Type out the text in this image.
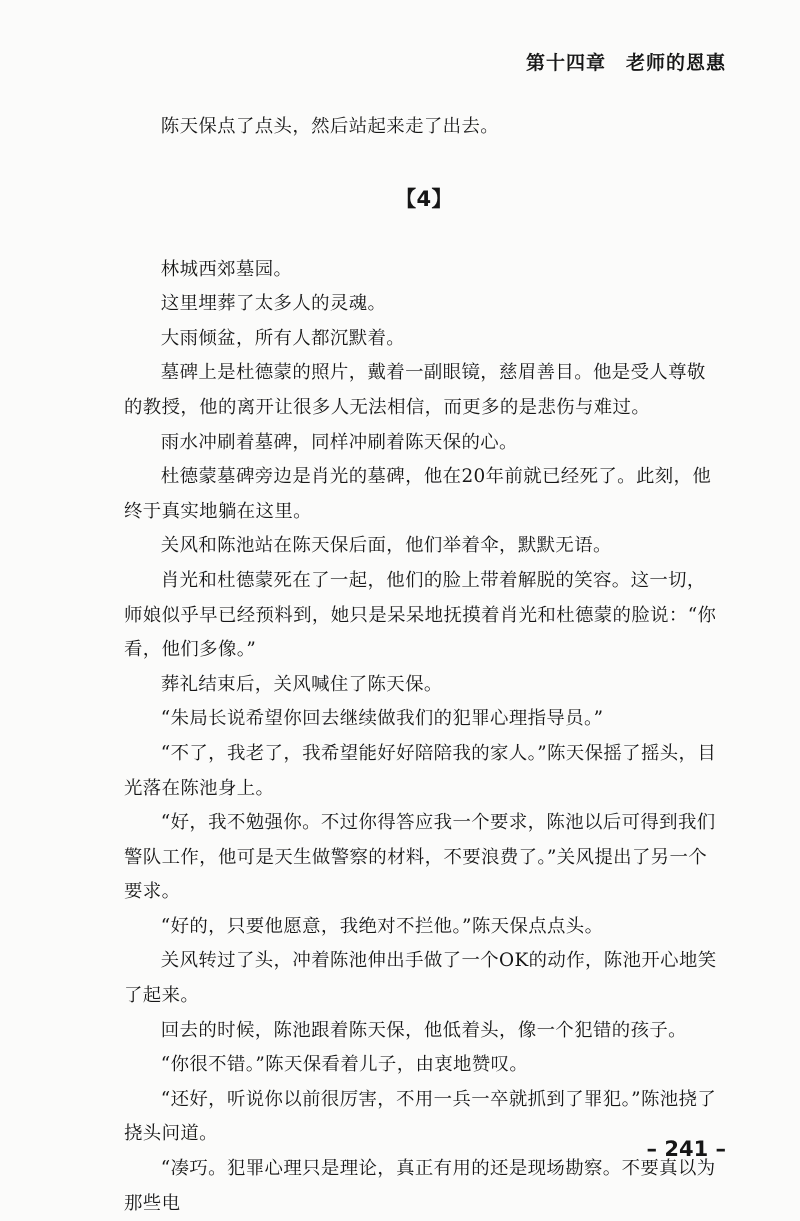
第十四章　老师的恩惠

陈天保点了点头，然后站起来走了出去。

【4】

林城西郊墓园。

这里埋葬了太多人的灵魂。

大雨倾盆，所有人都沉默着。

墓碑上是杜德蒙的照片，戴着一副眼镜，慈眉善目。他是受人尊敬的教授，他的离开让很多人无法相信，而更多的是悲伤与难过。

雨水冲刷着墓碑，同样冲刷着陈天保的心。

杜德蒙墓碑旁边是肖光的墓碑，他在20年前就已经死了。此刻，他终于真实地躺在这里。

关风和陈池站在陈天保后面，他们举着伞，默默无语。

肖光和杜德蒙死在了一起，他们的脸上带着解脱的笑容。这一切，师娘似乎早已经预料到，她只是呆呆地抚摸着肖光和杜德蒙的脸说：“你看，他们多像。”

葬礼结束后，关风喊住了陈天保。

“朱局长说希望你回去继续做我们的犯罪心理指导员。”

“不了，我老了，我希望能好好陪陪我的家人。”陈天保摇了摇头，目光落在陈池身上。

“好，我不勉强你。不过你得答应我一个要求，陈池以后可得到我们警队工作，他可是天生做警察的材料，不要浪费了。”关风提出了另一个要求。

“好的，只要他愿意，我绝对不拦他。”陈天保点点头。

关风转过了头，冲着陈池伸出手做了一个OK的动作，陈池开心地笑了起来。

回去的时候，陈池跟着陈天保，他低着头，像一个犯错的孩子。

“你很不错。”陈天保看着儿子，由衷地赞叹。

“还好，听说你以前很厉害，不用一兵一卒就抓到了罪犯。”陈池挠了挠头问道。

“凑巧。犯罪心理只是理论，真正有用的还是现场勘察。不要真以为那些电

– 241 –
